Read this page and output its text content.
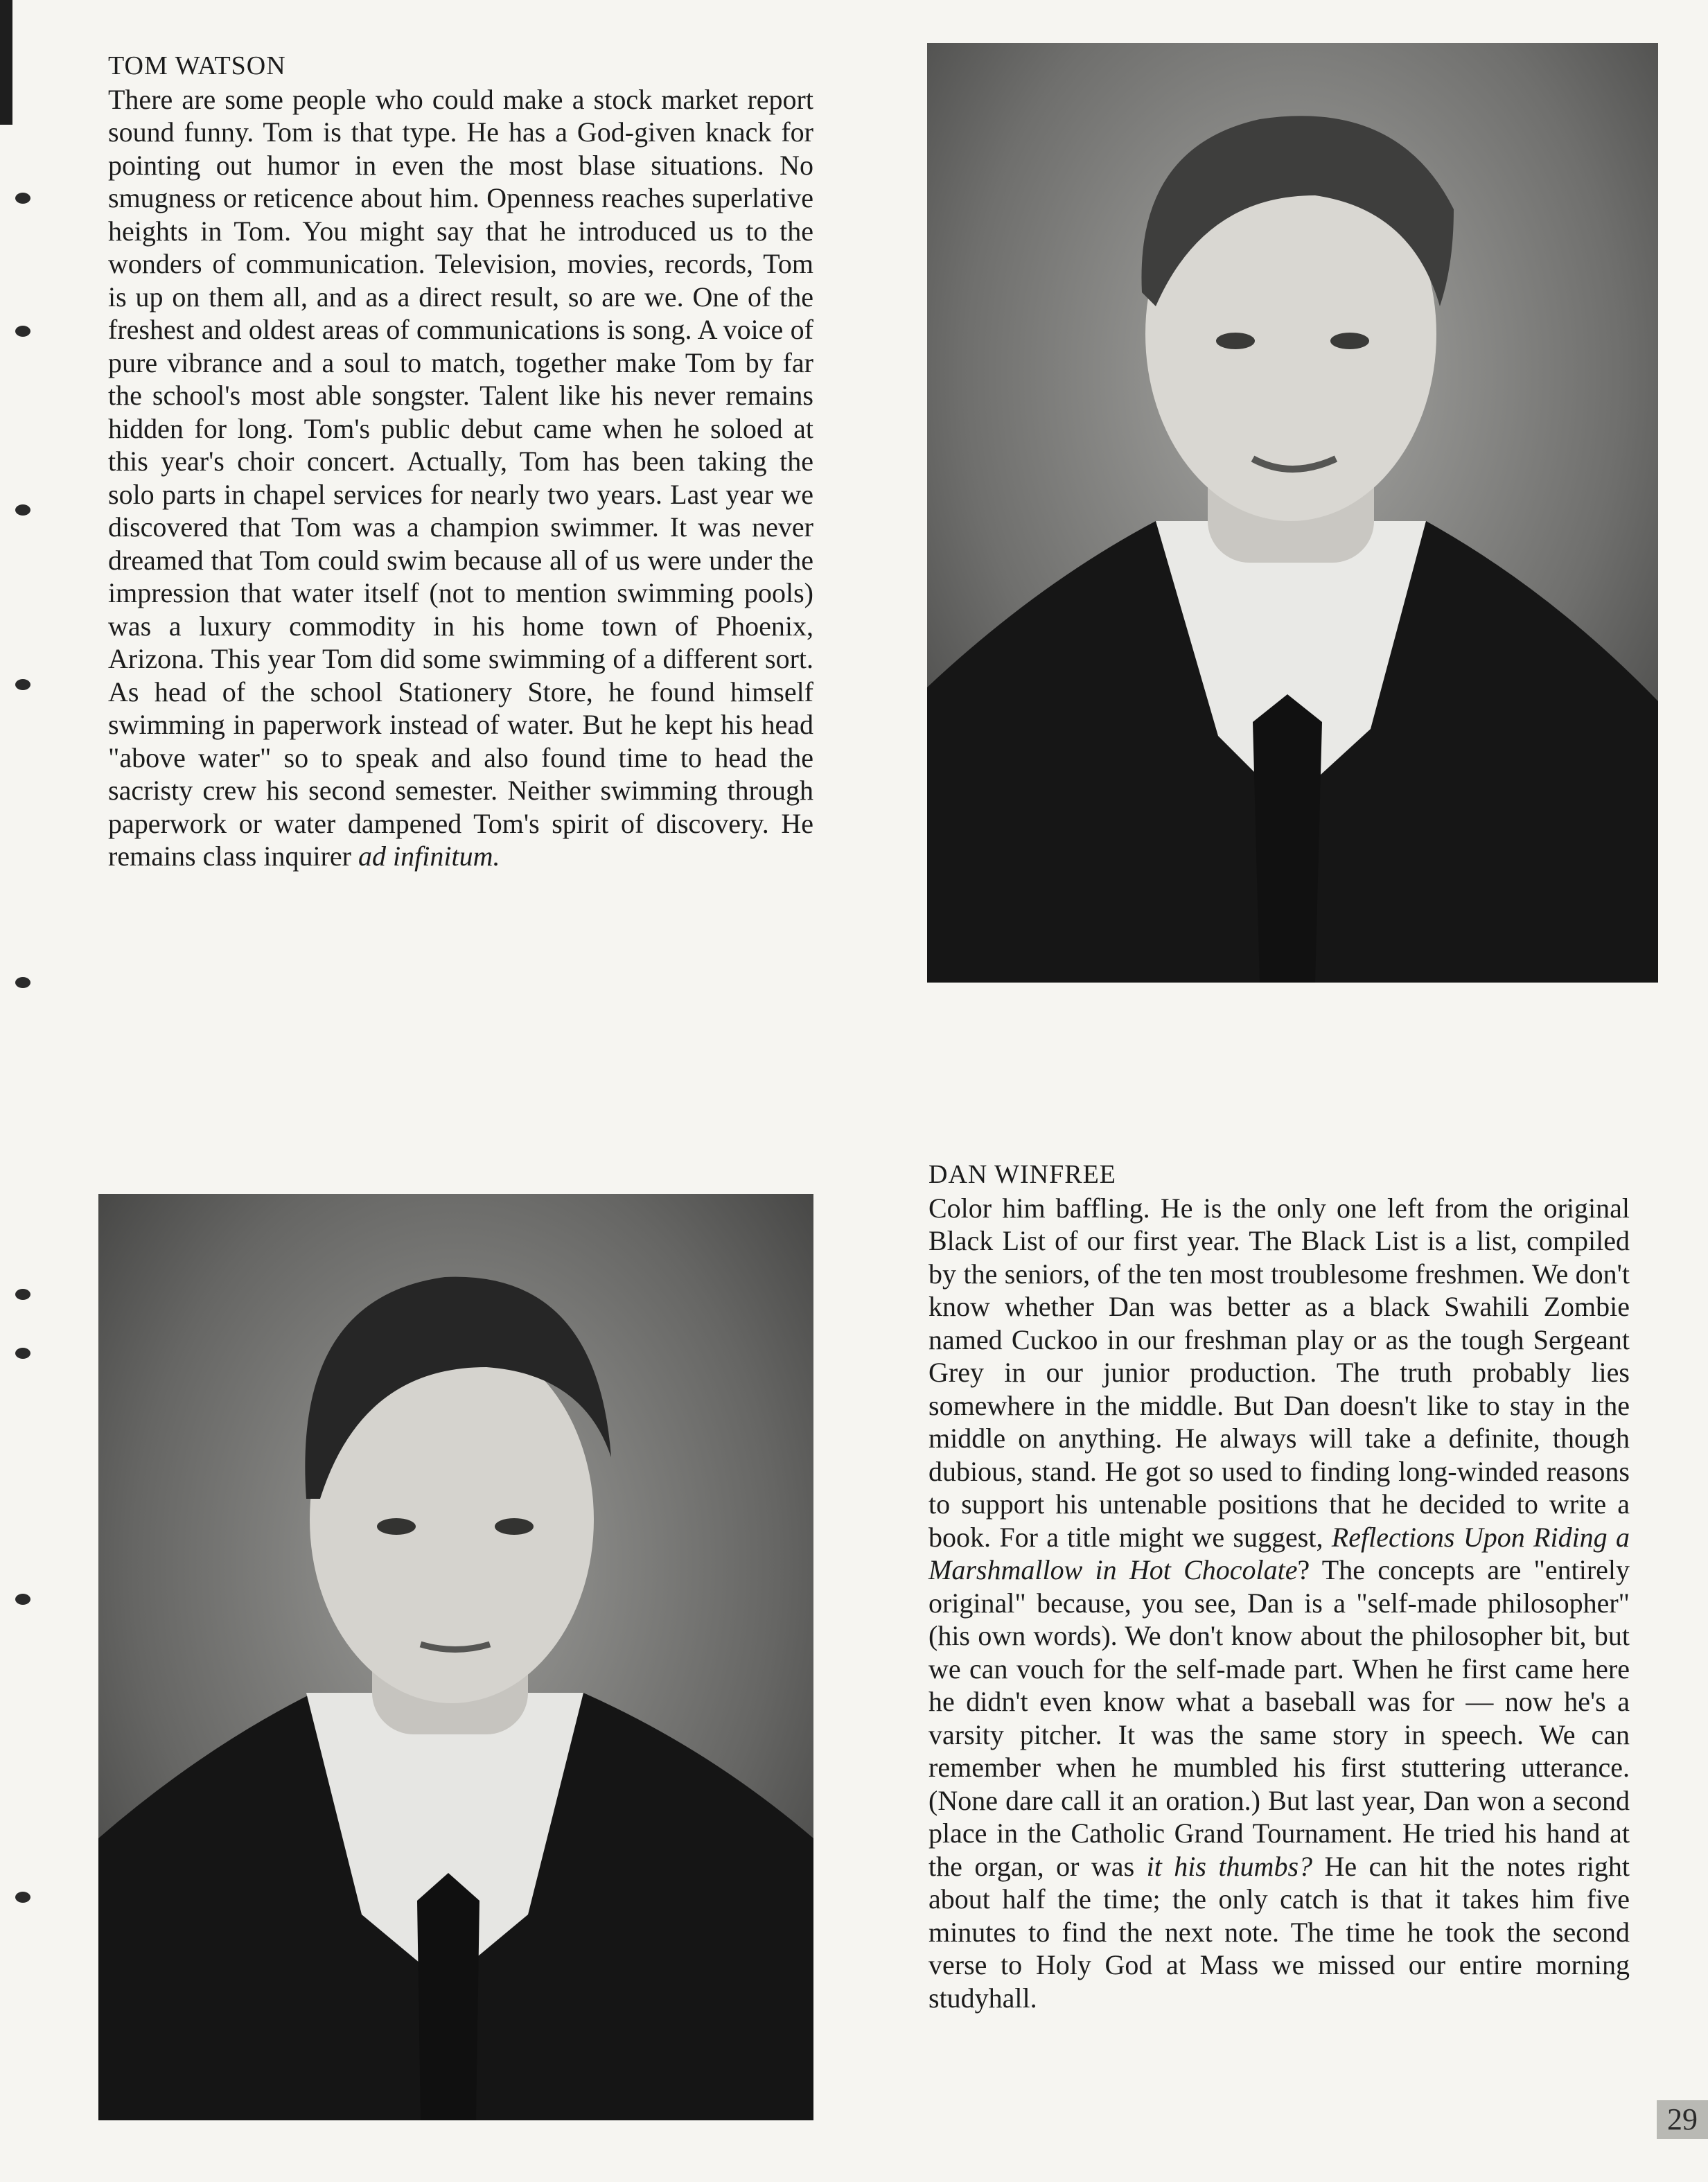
TOM WATSON

There are some people who could make a stock market report sound funny. Tom is that type. He has a God-given knack for pointing out humor in even the most blase situations. No smugness or reticence about him. Openness reaches superlative heights in Tom. You might say that he introduced us to the wonders of communication. Television, movies, records, Tom is up on them all, and as a direct result, so are we. One of the freshest and oldest areas of communications is song. A voice of pure vibrance and a soul to match, together make Tom by far the school's most able songster. Talent like his never remains hidden for long. Tom's public debut came when he soloed at this year's choir concert. Actually, Tom has been taking the solo parts in chapel services for nearly two years. Last year we discovered that Tom was a champion swimmer. It was never dreamed that Tom could swim because all of us were under the impression that water itself (not to mention swimming pools) was a luxury commodity in his home town of Phoenix, Arizona. This year Tom did some swimming of a different sort. As head of the school Stationery Store, he found himself swimming in paperwork instead of water. But he kept his head "above water" so to speak and also found time to head the sacristy crew his second semester. Neither swimming through paperwork or water dampened Tom's spirit of discovery. He remains class inquirer ad infinitum.

DAN WINFREE

Color him baffling. He is the only one left from the original Black List of our first year. The Black List is a list, compiled by the seniors, of the ten most troublesome freshmen. We don't know whether Dan was better as a black Swahili Zombie named Cuckoo in our freshman play or as the tough Sergeant Grey in our junior production. The truth probably lies somewhere in the middle. But Dan doesn't like to stay in the middle on anything. He always will take a definite, though dubious, stand. He got so used to finding long-winded reasons to support his untenable positions that he decided to write a book. For a title might we suggest, Reflections Upon Riding a Marshmallow in Hot Chocolate? The concepts are "entirely original" because, you see, Dan is a "self-made philosopher" (his own words). We don't know about the philosopher bit, but we can vouch for the self-made part. When he first came here he didn't even know what a baseball was for — now he's a varsity pitcher. It was the same story in speech. We can remember when he mumbled his first stuttering utterance. (None dare call it an oration.) But last year, Dan won a second place in the Catholic Grand Tournament. He tried his hand at the organ, or was it his thumbs? He can hit the notes right about half the time; the only catch is that it takes him five minutes to find the next note. The time he took the second verse to Holy God at Mass we missed our entire morning studyhall.

29
